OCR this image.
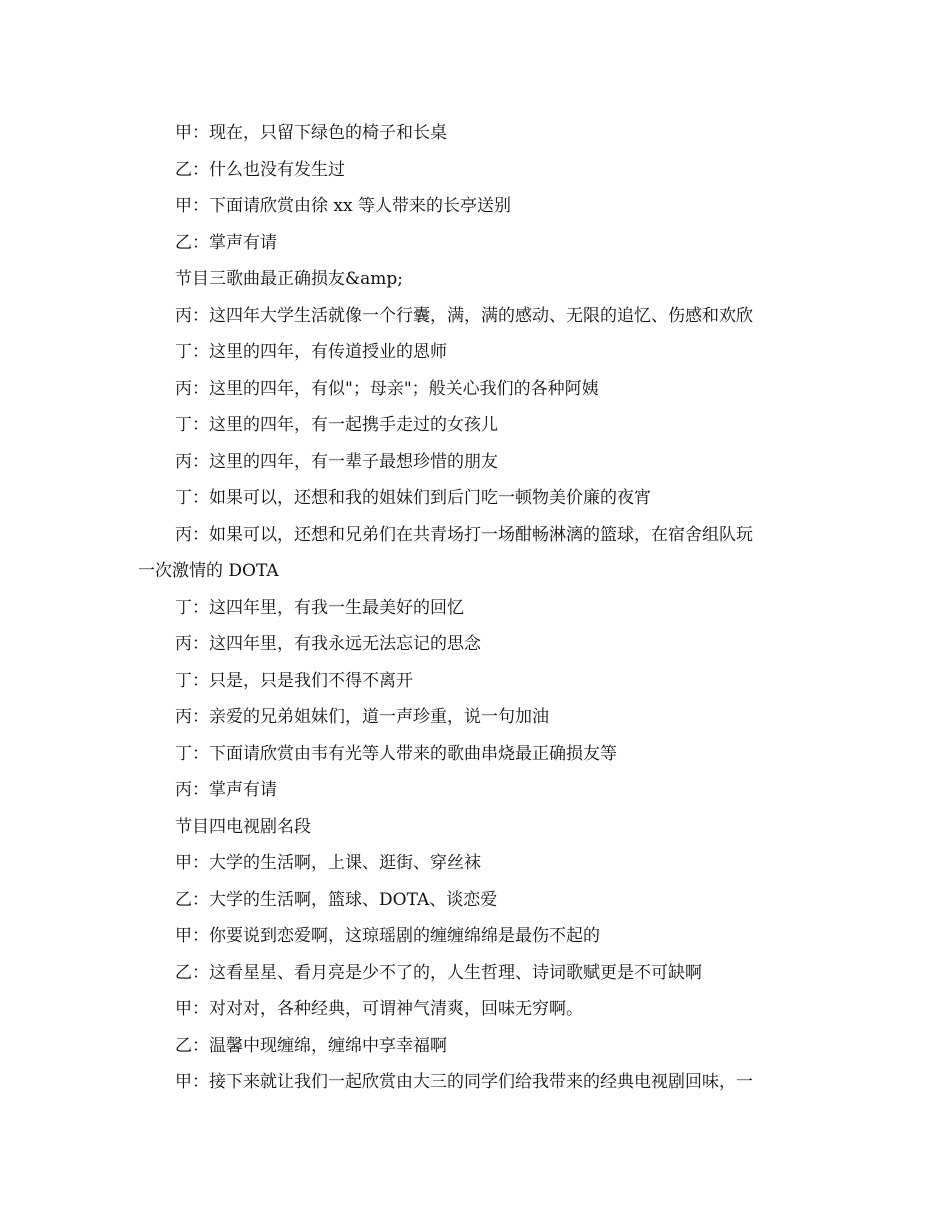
甲：现在，只留下绿色的椅子和长桌

乙：什么也没有发生过

甲：下面请欣赏由徐 xx 等人带来的长亭送别

乙：掌声有请

节目三歌曲最正确损友&amp;

丙：这四年大学生活就像一个行囊，满，满的感动、无限的追忆、伤感和欢欣

丁：这里的四年，有传道授业的恩师

丙：这里的四年，有似"；母亲"；般关心我们的各种阿姨

丁：这里的四年，有一起携手走过的女孩儿

丙：这里的四年，有一辈子最想珍惜的朋友

丁：如果可以，还想和我的姐妹们到后门吃一顿物美价廉的夜宵

丙：如果可以，还想和兄弟们在共青场打一场酣畅淋漓的篮球，在宿舍组队玩

一次激情的 DOTA

丁：这四年里，有我一生最美好的回忆

丙：这四年里，有我永远无法忘记的思念

丁：只是，只是我们不得不离开

丙：亲爱的兄弟姐妹们，道一声珍重，说一句加油

丁：下面请欣赏由韦有光等人带来的歌曲串烧最正确损友等

丙：掌声有请

节目四电视剧名段

甲：大学的生活啊，上课、逛街、穿丝袜

乙：大学的生活啊，篮球、DOTA、谈恋爱

甲：你要说到恋爱啊，这琼瑶剧的缠缠绵绵是最伤不起的

乙：这看星星、看月亮是少不了的，人生哲理、诗词歌赋更是不可缺啊

甲：对对对，各种经典，可谓神气清爽，回味无穷啊。

乙：温馨中现缠绵，缠绵中享幸福啊

甲：接下来就让我们一起欣赏由大三的同学们给我带来的经典电视剧回味，一
